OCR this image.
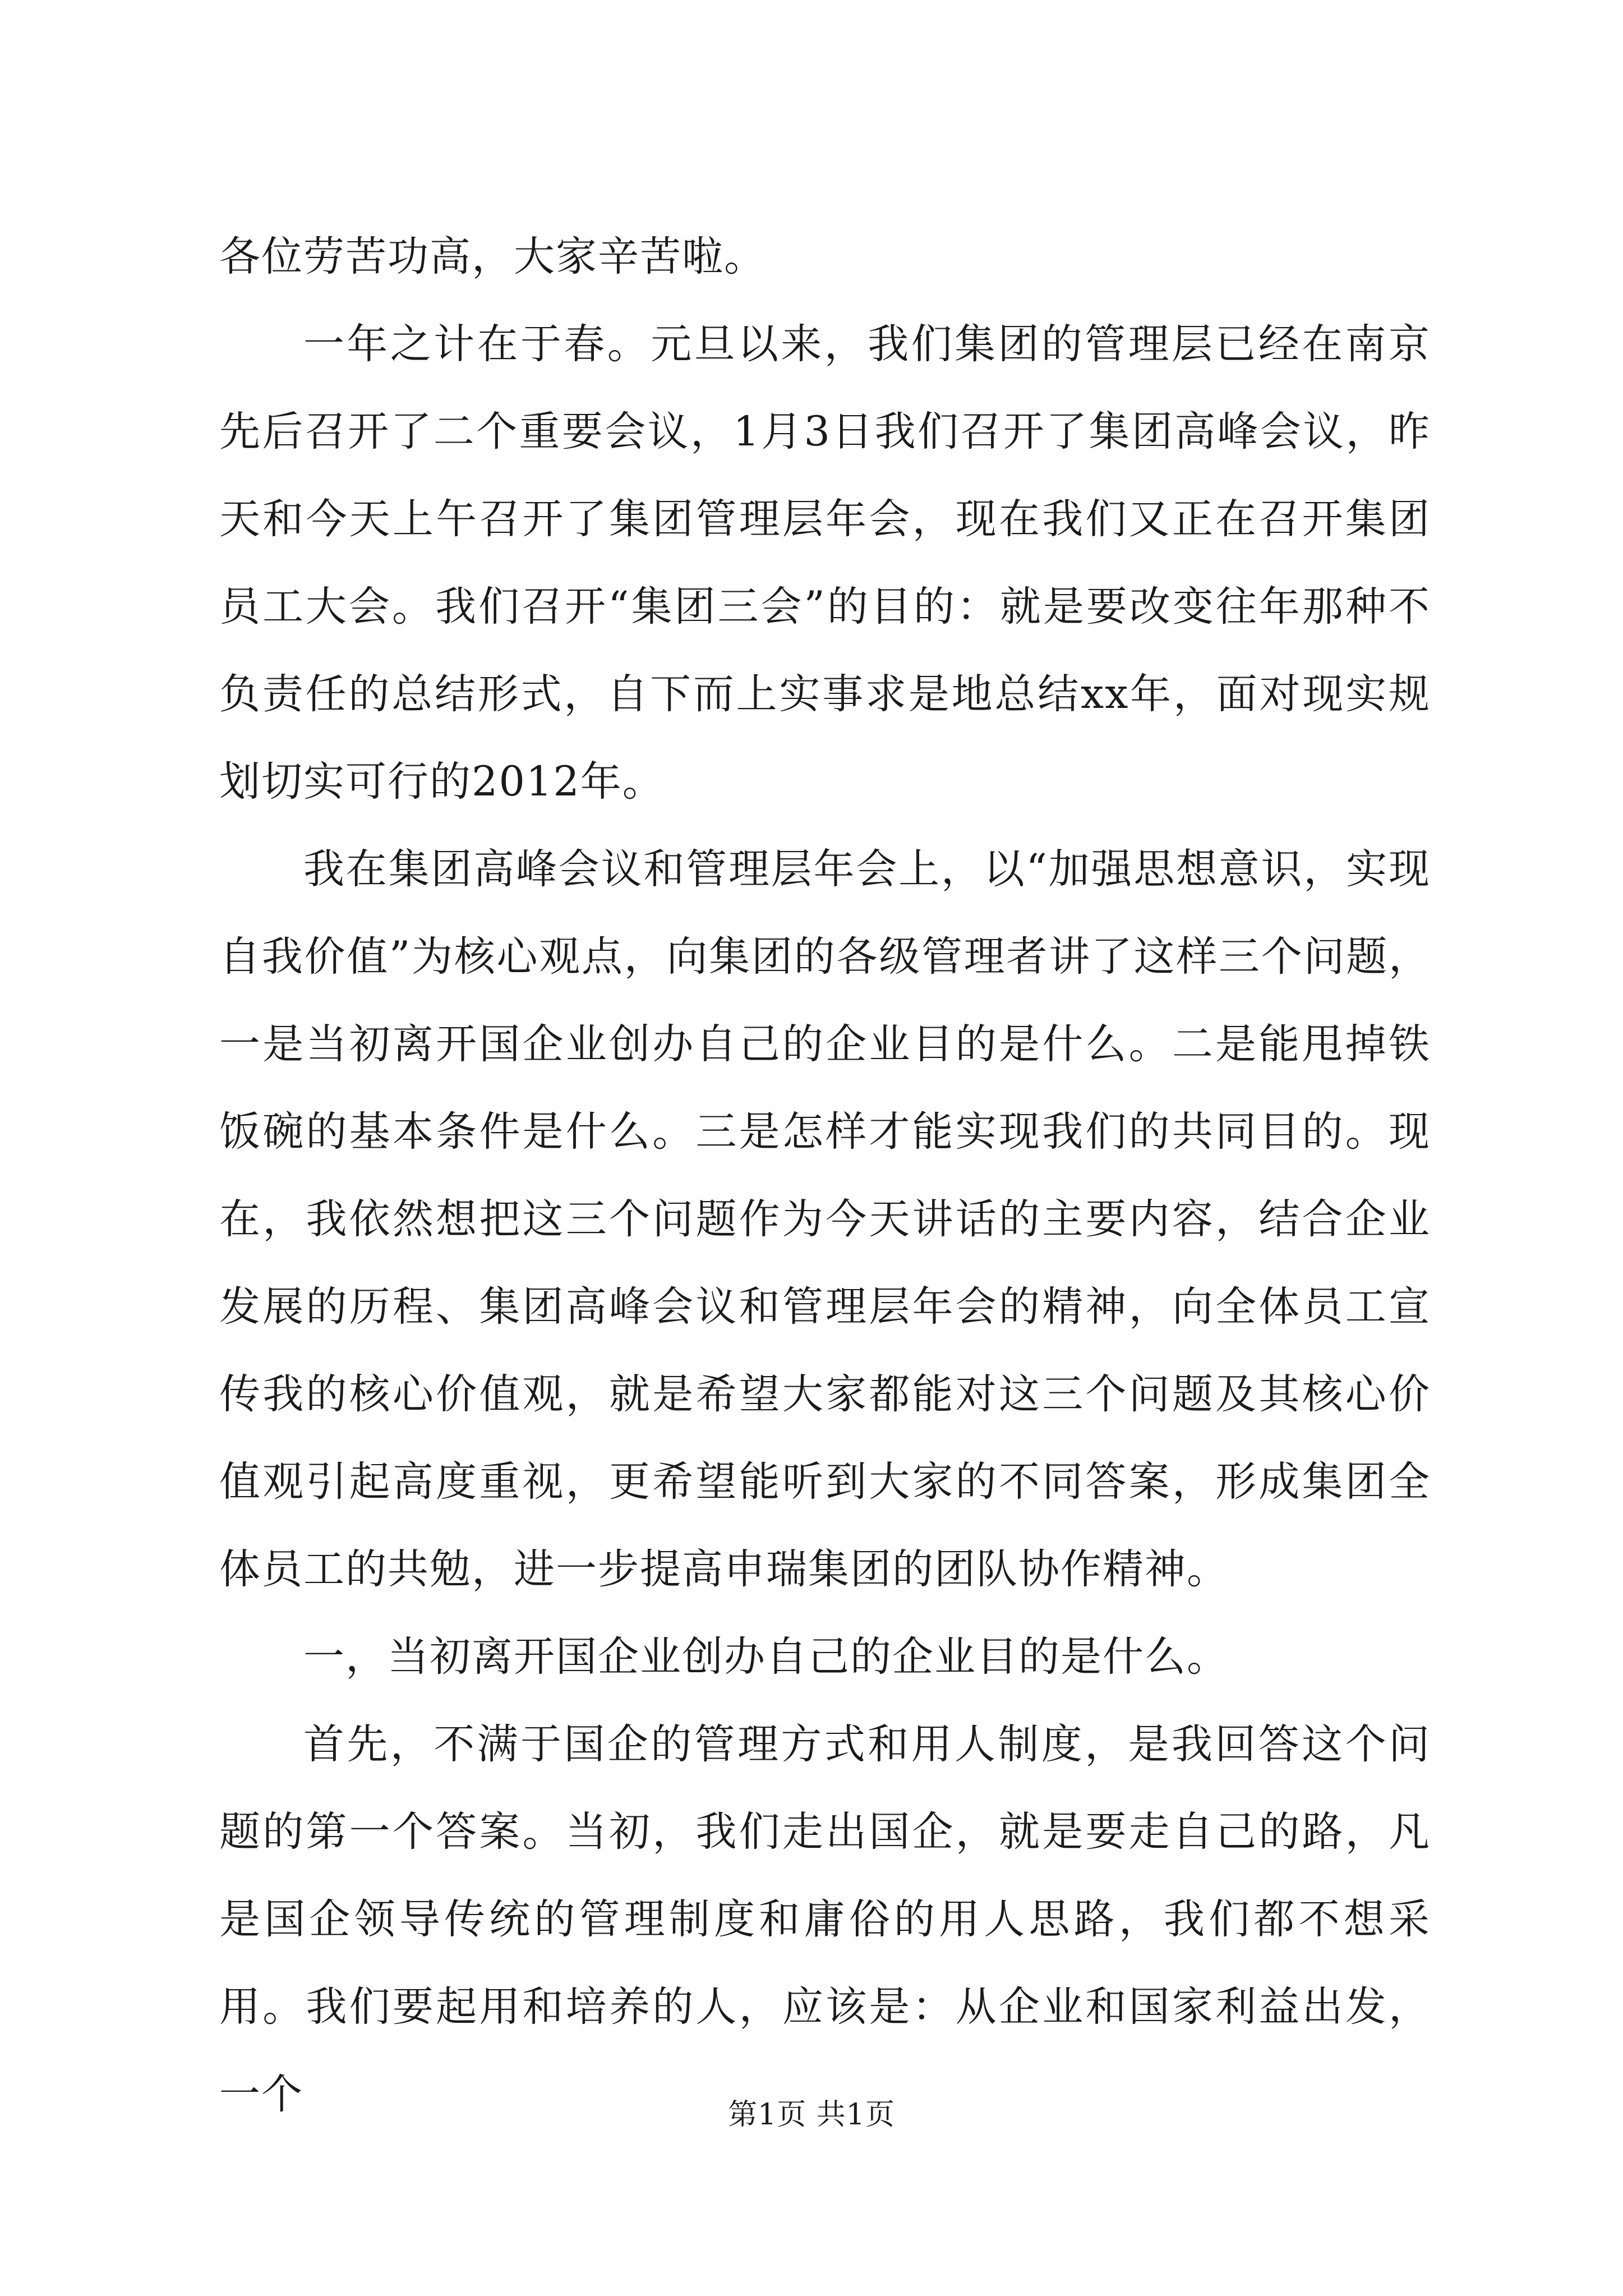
各位劳苦功高，大家辛苦啦。

一年之计在于春。元旦以来，我们集团的管理层已经在南京先后召开了二个重要会议，1月3日我们召开了集团高峰会议，昨天和今天上午召开了集团管理层年会，现在我们又正在召开集团员工大会。我们召开“集团三会”的目的：就是要改变往年那种不负责任的总结形式，自下而上实事求是地总结xx年，面对现实规划切实可行的2012年。

我在集团高峰会议和管理层年会上，以“加强思想意识，实现自我价值”为核心观点，向集团的各级管理者讲了这样三个问题，一是当初离开国企业创办自己的企业目的是什么。二是能甩掉铁饭碗的基本条件是什么。三是怎样才能实现我们的共同目的。现在，我依然想把这三个问题作为今天讲话的主要内容，结合企业发展的历程、集团高峰会议和管理层年会的精神，向全体员工宣传我的核心价值观，就是希望大家都能对这三个问题及其核心价值观引起高度重视，更希望能听到大家的不同答案，形成集团全体员工的共勉，进一步提高申瑞集团的团队协作精神。

一，当初离开国企业创办自己的企业目的是什么。

首先，不满于国企的管理方式和用人制度，是我回答这个问题的第一个答案。当初，我们走出国企，就是要走自己的路，凡是国企领导传统的管理制度和庸俗的用人思路，我们都不想采用。我们要起用和培养的人，应该是：从企业和国家利益出发，一个	第1页 共1页
